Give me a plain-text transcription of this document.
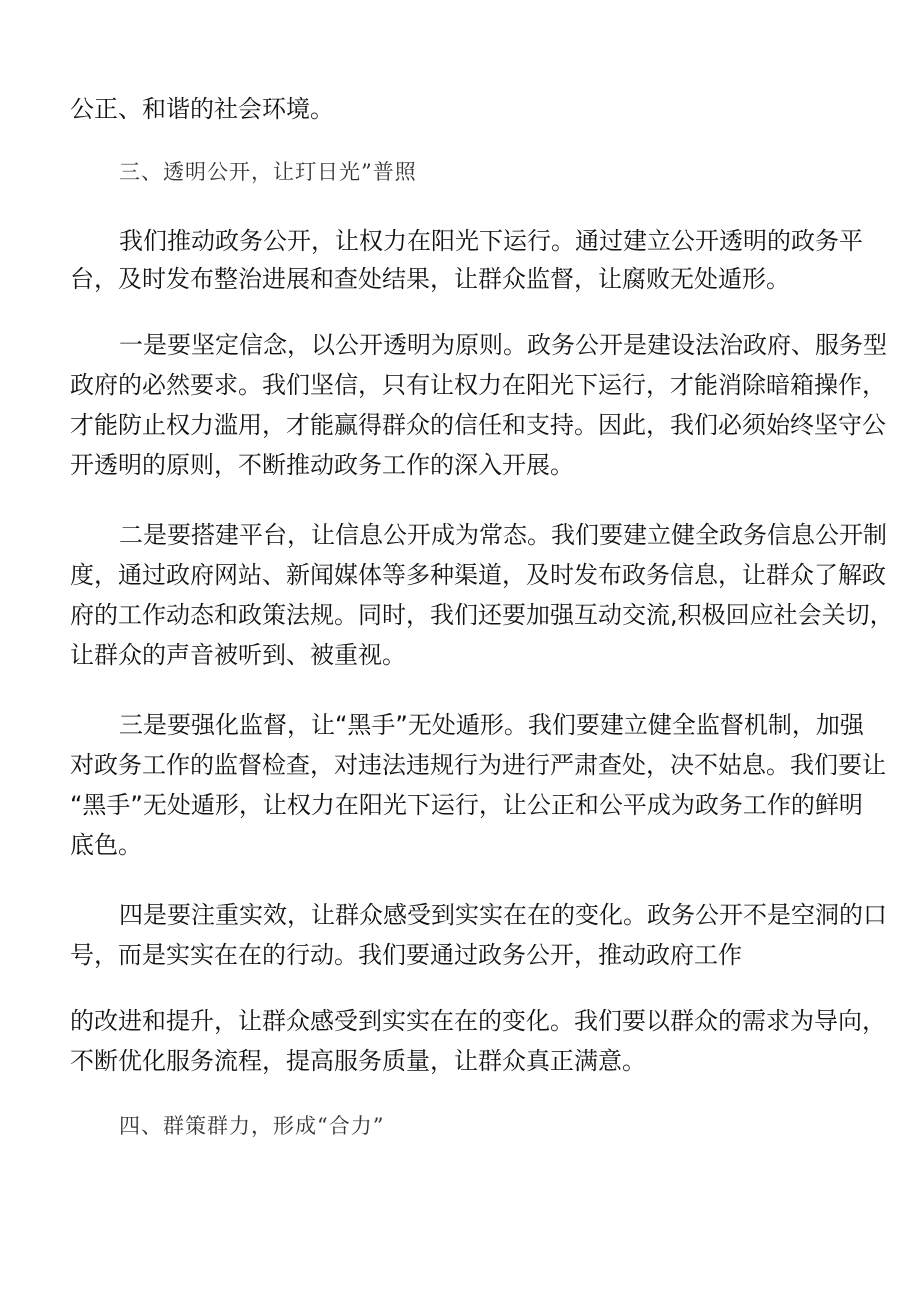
公正、和谐的社会环境。

三、透明公开，让玎日光”普照

我们推动政务公开，让权力在阳光下运行。通过建立公开透明的政务平

台，及时发布整治进展和查处结果，让群众监督，让腐败无处遁形。

一是要坚定信念，以公开透明为原则。政务公开是建设法治政府、服务型

政府的必然要求。我们坚信，只有让权力在阳光下运行，才能消除暗箱操作，

才能防止权力滥用，才能赢得群众的信任和支持。因此，我们必须始终坚守公

开透明的原则，不断推动政务工作的深入开展。

二是要搭建平台，让信息公开成为常态。我们要建立健全政务信息公开制

度，通过政府网站、新闻媒体等多种渠道，及时发布政务信息，让群众了解政

府的工作动态和政策法规。同时，我们还要加强互动交流,积极回应社会关切，

让群众的声音被听到、被重视。

三是要强化监督，让“黑手”无处遁形。我们要建立健全监督机制，加强

对政务工作的监督检查，对违法违规行为进行严肃查处，决不姑息。我们要让

“黑手”无处遁形，让权力在阳光下运行，让公正和公平成为政务工作的鲜明

底色。

四是要注重实效，让群众感受到实实在在的变化。政务公开不是空洞的口

号，而是实实在在的行动。我们要通过政务公开，推动政府工作

的改进和提升，让群众感受到实实在在的变化。我们要以群众的需求为导向，

不断优化服务流程，提高服务质量，让群众真正满意。

四、群策群力，形成“合力”
